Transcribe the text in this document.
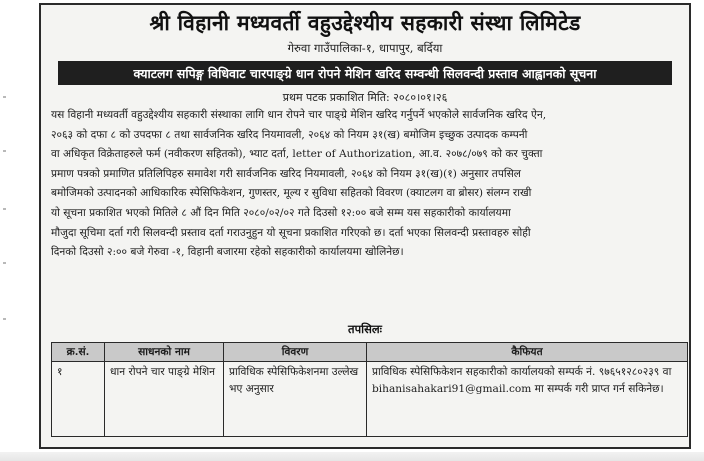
श्री विहानी मध्यवर्ती वहुउद्देश्यीय सहकारी संस्था लिमिटेड
गेरुवा गाउँपालिका-१, धापापुर, बर्दिया
क्याटलग सपिङ्ग विधिवाट चारपाङ्ग्रे धान रोपने मेशिन खरिद सम्वन्धी सिलवन्दी प्रस्ताव आह्वानको सूचना
प्रथम पटक प्रकाशित मिति: २०८०।०१।२६
यस विहानी मध्यवर्ती वहुउद्देश्यीय सहकारी संस्थाका लागि धान रोपने चार पाङ्ग्रे मेशिन खरिद गर्नुपर्ने भएकोले सार्वजनिक खरिद ऐन,
२०६३ को दफा ८ को उपदफा ८ तथा सार्वजनिक खरिद नियमावली, २०६४ को नियम ३१(ख) बमोजिम इच्छुक उत्पादक कम्पनी
वा अधिकृत विक्रेताहरुले फर्म (नवीकरण सहितको), भ्याट दर्ता, letter of Authorization, आ.व. २०७८/०७९ को कर चुक्ता
प्रमाण पत्रको प्रमाणित प्रतिलिपिहरु समावेश गरी सार्वजनिक खरिद नियमावली, २०६४ को नियम ३१(ख)(१) अनुसार तपसिल
बमोजिमको उत्पादनको आधिकारिक स्पेसिफिकेशन, गुणस्तर, मूल्य र सुविधा सहितको विवरण (क्याटलग वा ब्रोसर) संलग्न राखी
यो सूचना प्रकाशित भएको मितिले ८ औं दिन मिति २०८०/०२/०२ गते दिउसो १२:०० बजे सम्म यस सहकारीको कार्यालयमा
मौजुदा सूचिमा दर्ता गरी सिलवन्दी प्रस्ताव दर्ता गराउनुहुन यो सूचना प्रकाशित गरिएको छ। दर्ता भएका सिलवन्दी प्रस्तावहरु सोही
दिनको दिउसो २:०० बजे गेरुवा -१, विहानी बजारमा रहेको सहकारीको कार्यालयमा खोलिनेछ।
तपसिलः
क्र.सं.	साधनको नाम	विवरण	कैफियत
१	धान रोपने चार पाङ्ग्रे मेशिन	प्राविधिक स्पेसिफिकेशनमा उल्लेख भए अनुसार	प्राविधिक स्पेसिफिकेशन सहकारीको कार्यालयको सम्पर्क नं. ९७६५१२८०२३९ वा bihanisahakari91@gmail.com मा सम्पर्क गरी प्राप्त गर्न सकिनेछ।
